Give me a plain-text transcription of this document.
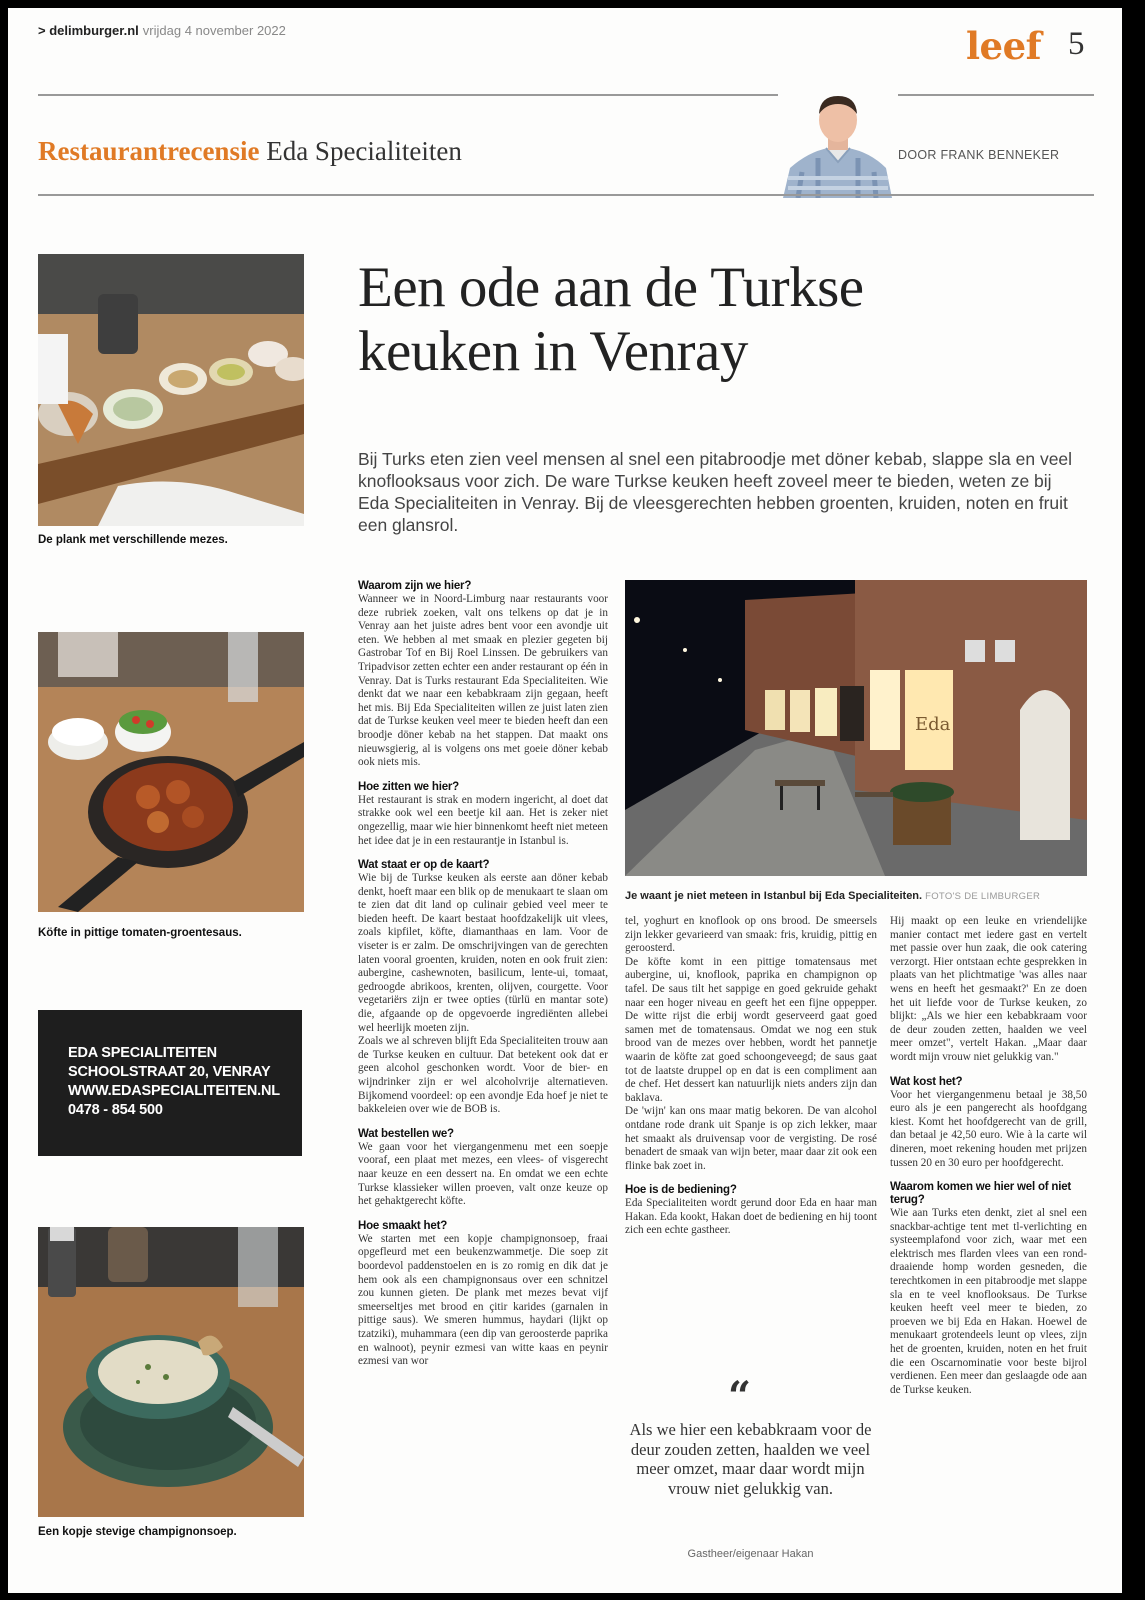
> delimburger.nl vrijdag 4 november 2022	leef 5
Restaurantrecensie Eda Specialiteiten	DOOR FRANK BENNEKER
Een ode aan de Turkse
keuken in Venray

Bij Turks eten zien veel mensen al snel een pitabroodje met döner kebab, slappe sla en veel knoflooksaus voor zich. De ware Turkse keuken heeft zoveel meer te bieden, weten ze bij Eda Specialiteiten in Venray. Bij de vleesgerechten hebben groenten, kruiden, noten en fruit een glansrol.

De plank met verschillende mezes.
Köfte in pittige tomaten-groentesaus.
EDA SPECIALITEITEN
SCHOOLSTRAAT 20, VENRAY
WWW.EDASPECIALITEITEN.NL
0478 - 854 500
Een kopje stevige champignonsoep.
Eda
Je waant je niet meteen in Istanbul bij Eda Specialiteiten. FOTO'S DE LIMBURGER
Waarom zijn we hier?

Wanneer we in Noord-Limburg naar restaurants voor deze rubriek zoeken, valt ons telkens op dat je in Venray aan het juiste adres bent voor een avondje uit eten. We hebben al met smaak en plezier gegeten bij Gastrobar Tof en Bij Roel Linssen. De gebruikers van Tripadvisor zetten echter een ander restaurant op één in Venray. Dat is Turks restaurant Eda Specialiteiten. Wie denkt dat we naar een kebabkraam zijn gegaan, heeft het mis. Bij Eda Specialiteiten willen ze juist laten zien dat de Turkse keuken veel meer te bieden heeft dan een broodje döner kebab na het stappen. Dat maakt ons nieuwsgierig, al is volgens ons met goeie döner kebab ook niets mis.

Hoe zitten we hier?

Het restaurant is strak en modern ingericht, al doet dat strakke ook wel een beetje kil aan. Het is zeker niet ongezellig, maar wie hier binnenkomt heeft niet meteen het idee dat je in een restaurantje in Istanbul is.

Wat staat er op de kaart?

Wie bij de Turkse keuken als eerste aan döner kebab denkt, hoeft maar een blik op de menukaart te slaan om te zien dat dit land op culinair gebied veel meer te bieden heeft. De kaart bestaat hoofdzakelijk uit vlees, zoals kipfilet, köfte, diamanthaas en lam. Voor de viseter is er zalm. De omschrijvingen van de gerechten laten vooral groenten, kruiden, noten en ook fruit zien: aubergine, cashewnoten, basilicum, lente-ui, tomaat, gedroogde abrikoos, krenten, olijven, courgette. Voor vegetariërs zijn er twee opties (türlü en mantar sote) die, afgaande op de opgevoerde ingrediënten allebei wel heerlijk moeten zijn.

Zoals we al schreven blijft Eda Specialiteiten trouw aan de Turkse keuken en cultuur. Dat betekent ook dat er geen alcohol geschonken wordt. Voor de bier- en wijndrinker zijn er wel alcoholvrije alternatieven. Bijkomend voordeel: op een avondje Eda hoef je niet te bakkeleien over wie de BOB is.

Wat bestellen we?

We gaan voor het viergangenmenu met een soepje vooraf, een plaat met mezes, een vlees- of visgerecht naar keuze en een dessert na. En omdat we een echte Turkse klassieker willen proeven, valt onze keuze op het gehaktgerecht köfte.

Hoe smaakt het?

We starten met een kopje champignonsoep, fraai opgefleurd met een beukenzwammetje. Die soep zit boordevol paddenstoelen en is zo romig en dik dat je hem ook als een champignonsaus over een schnitzel zou kunnen gieten. De plank met mezes bevat vijf smeerseltjes met brood en çitir karides (garnalen in pittige saus). We smeren hummus, haydari (lijkt op tzatziki), muhammara (een dip van geroosterde paprika en walnoot), peynir ezmesi van witte kaas en peynir ezmesi van wor

tel, yoghurt en knoflook op ons brood. De smeersels zijn lekker gevarieerd van smaak: fris, kruidig, pittig en geroosterd.

De köfte komt in een pittige tomatensaus met aubergine, ui, knoflook, paprika en champignon op tafel. De saus tilt het sappige en goed gekruide gehakt naar een hoger niveau en geeft het een fijne oppepper. De witte rijst die erbij wordt geserveerd gaat goed samen met de tomatensaus. Omdat we nog een stuk brood van de mezes over hebben, wordt het pannetje waarin de köfte zat goed schoongeveegd; de saus gaat tot de laatste druppel op en dat is een compliment aan de chef. Het dessert kan natuurlijk niets anders zijn dan baklava.

De 'wijn' kan ons maar matig bekoren. De van alcohol ontdane rode drank uit Spanje is op zich lekker, maar het smaakt als druivensap voor de vergisting. De rosé benadert de smaak van wijn beter, maar daar zit ook een flinke bak zoet in.

Hoe is de bediening?

Eda Specialiteiten wordt gerund door Eda en haar man Hakan. Eda kookt, Hakan doet de bediening en hij toont zich een echte gastheer.

“
Als we hier een kebabkraam voor de deur zouden zetten, haalden we veel meer omzet, maar daar wordt mijn vrouw niet gelukkig van.
Gastheer/eigenaar Hakan

Hij maakt op een leuke en vriendelijke manier contact met iedere gast en vertelt met passie over hun zaak, die ook catering verzorgt. Hier ontstaan echte gesprekken in plaats van het plichtmatige 'was alles naar wens en heeft het gesmaakt?' En ze doen het uit liefde voor de Turkse keuken, zo blijkt: „Als we hier een kebabkraam voor de deur zouden zetten, haalden we veel meer omzet", vertelt Hakan. „Maar daar wordt mijn vrouw niet gelukkig van."

Wat kost het?

Voor het viergangenmenu betaal je 38,50 euro als je een pangerecht als hoofdgang kiest. Komt het hoofdgerecht van de grill, dan betaal je 42,50 euro. Wie à la carte wil dineren, moet rekening houden met prijzen tussen 20 en 30 euro per hoofdgerecht.

Waarom komen we hier wel of niet terug?

Wie aan Turks eten denkt, ziet al snel een snackbar-achtige tent met tl-verlichting en systeemplafond voor zich, waar met een elektrisch mes flarden vlees van een ronddraaiende homp worden gesneden, die terechtkomen in een pitabroodje met slappe sla en te veel knoflooksaus. De Turkse keuken heeft veel meer te bieden, zo proeven we bij Eda en Hakan. Hoewel de menukaart grotendeels leunt op vlees, zijn het de groenten, kruiden, noten en het fruit die een Oscarnominatie voor beste bijrol verdienen. Een meer dan geslaagde ode aan de Turkse keuken.
